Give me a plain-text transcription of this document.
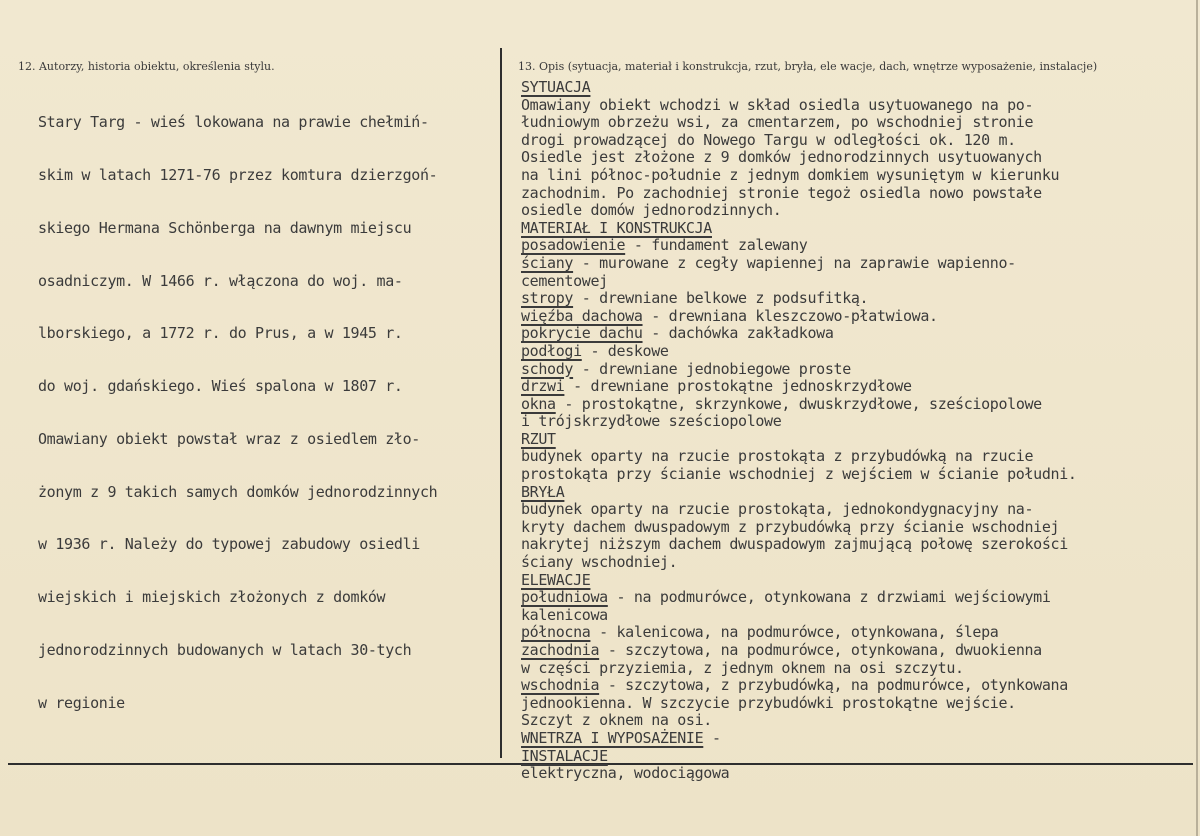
12. Autorzy, historia obiektu, określenia stylu.	13. Opis (sytuacja, materiał i konstrukcja, rzut, bryła, ele wacje, dach, wnętrze wyposażenie, instalacje)

Stary Targ - wieś lokowana na prawie chełmiń-

skim w latach 1271-76 przez komtura dzierzgoń-

skiego Hermana Schönberga na dawnym miejscu

osadniczym. W 1466 r. włączona do woj. ma-

lborskiego, a 1772 r. do Prus, a w 1945 r.

do woj. gdańskiego. Wieś spalona w 1807 r.

Omawiany obiekt powstał wraz z osiedlem zło-

żonym z 9 takich samych domków jednorodzinnych

w 1936 r. Należy do typowej zabudowy osiedli

wiejskich i miejskich złożonych z domków

jednorodzinnych budowanych w latach 30-tych

w regionie

SYTUACJA
Omawiany obiekt wchodzi w skład osiedla usytuowanego na po-
łudniowym obrzeżu wsi, za cmentarzem, po wschodniej stronie
drogi prowadzącej do Nowego Targu w odległości ok. 120 m.
Osiedle jest złożone z 9 domków jednorodzinnych usytuowanych
na lini północ-południe z jednym domkiem wysuniętym w kierunku
zachodnim. Po zachodniej stronie tegoż osiedla nowo powstałe
osiedle domów jednorodzinnych.
MATERIAŁ I KONSTRUKCJA
posadowienie - fundament zalewany
ściany - murowane z cegły wapiennej na zaprawie wapienno-
cementowej
stropy - drewniane belkowe z podsufitką.
więźba dachowa - drewniana kleszczowo-płatwiowa.
pokrycie dachu - dachówka zakładkowa
podłogi - deskowe
schody - drewniane jednobiegowe proste
drzwi - drewniane prostokątne jednoskrzydłowe
okna - prostokątne, skrzynkowe, dwuskrzydłowe, sześciopolowe
i trójskrzydłowe sześciopolowe
RZUT
budynek oparty na rzucie prostokąta z przybudówką na rzucie
prostokąta przy ścianie wschodniej z wejściem w ścianie południ.
BRYŁA
budynek oparty na rzucie prostokąta, jednokondygnacyjny na-
kryty dachem dwuspadowym z przybudówką przy ścianie wschodniej
nakrytej niższym dachem dwuspadowym zajmującą połowę szerokości
ściany wschodniej.
ELEWACJE
południowa - na podmurówce, otynkowana z drzwiami wejściowymi
kalenicowa
północna - kalenicowa, na podmurówce, otynkowana, ślepa
zachodnia - szczytowa, na podmurówce, otynkowana, dwuokienna
w części przyziemia, z jednym oknem na osi szczytu.
wschodnia - szczytowa, z przybudówką, na podmurówce, otynkowana
jednookienna. W szczycie przybudówki prostokątne wejście.
Szczyt z oknem na osi.
WNETRZA I WYPOSAŻENIE -
INSTALACJE
elektryczna, wodociągowa
